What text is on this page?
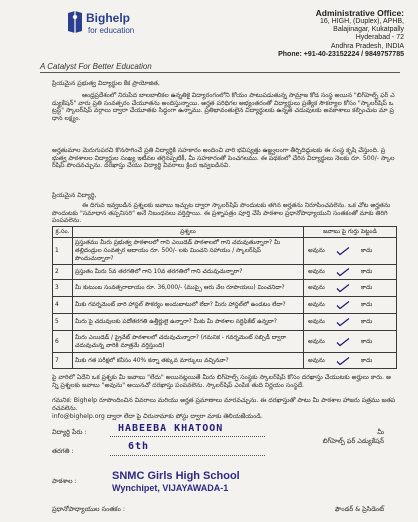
Bighelp
for education
A Catalyst For Better Education
Administrative Office:
16, HIGH, (Duplex), APHB,
Balajinagar, Kukatpally
Hyderabad - 72
Andhra Pradesh, INDIA
Phone: +91-40-23152224 / 9849757785
ప్రియమైన ప్రభుత్వ విద్యార్థుల కేక ప్రాయోజిత,
ఆంధ్రప్రదేశంలో నిరుపేద బాలబాలికల ఉన్నతికై విద్యారంగంలోని కోయం పాటుపడుతున్న సామ్రాజ కోడ సంస్థ అయిన "బిగ్‌హెల్ప్ ఫర్ ఎడ్యుకేషన్" వారు ప్రతి సంవత్సరం చేయూతను అందిస్తున్నాయి. అర్హత పరిధిగల అభ్యంతరంతో విద్యార్థులు ప్రత్యేక సౌకర్యాల కోసం "స్కాలర్‌షిప్ ఒ ట్రస్ట్" స్కాలర్‌షిప్ వర్గాలు ద్వారా చేయూతకు సిద్ధంగా ఉన్నాము. ప్రతిభావంతులైన విద్యార్థులకు ఉన్నత చదువులకు అవకాశాలు కల్పించుట మా ప్రధాన లక్ష్యం.
అర్హతుమాల మెరుగుపరచి కొనసాగించే ప్రతి విద్యార్థికి సహకారం అందించి వారి భవిష్యత్తు ఉజ్జ్వలంగా తీర్చిదిద్దుటకు ఈ సంస్థ కృషి చేస్తుంది. ప్రభుత్వ పాఠశాలల విద్యార్థుల సంఖ్య ఇటీవల తగ్గినప్పటికీ, మీ సహకారంతో పెంచగలము. ఈ పథకంలో చేరిన విద్యార్థులు నెలకు రూ. 500/- స్కాలర్‌షిప్ పొందవచ్చును. దరఖాస్తు చేయు విద్యార్థి వివరాలు క్రింద ఇవ్వబడినవి.
ప్రియమైన విద్యార్థి,
ఈ దిగువ ఇవ్వబడిన ప్రశ్నలకు జవాబు ఇచ్చుట ద్వారా స్కాలర్‌షిప్ పొందుటకు తగిన అర్హతను నిరూపించవలెను. ఒక చోట అర్హతను పొందుటకు "సమాధాన తప్పనిసరి" అనే నిబంధనలు వర్తిస్తాయి. ఈ ప్రశ్నాపత్రం పూర్తి చేసి పాఠశాల ప్రధానోపాధ్యాయుని సంతకంతో మాకు తిరిగి పంపవలెను.
క్ర.సం.	ప్రశ్నలు	జవాబు పై గుర్తు పెట్టండి
1	ప్రస్తుతము మీరు ప్రభుత్వ పాఠశాలలో గాని ఎయిడెడ్ పాఠశాలలో గాని చదువుతున్నారా? మీ తల్లిదండ్రుల సంవత్సర ఆదాయం రూ. 500/- లకు మించని సహాయం / స్కాలర్‌షిప్ పొందుచున్నారా?	అవును కాదు

2	ప్రస్తుతం మీరు 5వ తరగతిలో గాని 10వ తరగతిలో గాని చదువుచున్నారా?	అవును కాదు

3	మీ కుటుంబ సంవత్సరాదాయం రూ. 36,000/- (ముప్పై ఆరు వేల రూపాయలు) మించనిదా?	అవును కాదు

4	మీకు గవర్నమెంట్ వారి హాస్టల్ సౌకర్యం అందుబాటులో లేదా? మీరు హాస్టల్‌లో ఉండటం లేదా?	అవును కాదు

5	మీరు పై చదువులకు పదోతరగతి ఉత్తీర్ణులై ఉన్నారా? మీకు మీ పాఠశాల సర్టిఫికేట్ ఉన్నదా?	అవును కాదు

6	మీరు ఎయిడెడ్ / ప్రైవేట్ పాఠశాలలో చదువుచున్నారా? (గమనిక - గవర్నమెంట్ సబ్సిడీ ద్వారా చదువుచున్న వారికి మాత్రమే వర్తిస్తుంది)	అవును కాదు

7	మీకు గత పరీక్షలో కనీసం 40% కన్నా తక్కువ మార్కులు వచ్చినవా?	అవును కాదు
పై వారిలో ఏదేని ఒక ప్రశ్నకు మీ జవాబు "లేదు" అయినట్లయితే మీరు బిగ్‌హెల్ప్ సంస్థకు స్కాలర్‌షిప్ కోసం దరఖాస్తు చేయుటకు అర్హులు కారు. అన్ని ప్రశ్నలకు జవాబు "అవును" అయినచో దరఖాస్తు పంపవలెను. స్కాలర్‌షిప్ ఎంపిక తుది నిర్ణయం సంస్థదే.
గమనిక: Bighelp రూపొందించిన వివరాలు మరియు అర్హత ప్రమాణాలు మారవచ్చును. ఈ దరఖాస్తుతో పాటు మీ పాఠశాల హాజరు పత్రము జతపరచవలెను.
info@bighelp.org ద్వారా లేదా పై చిరునామాకు పోస్టు ద్వారా మాకు తెలియజేయండి.
విద్యార్థి పేరు :	HABEEBA KHATOON	మీ
బిగ్‌హెల్ప్ ఫర్ ఎడ్యుకేషన్
తరగతి :	6th
పాఠశాల :	SNMC Girls High School
Wynchipet, VIJAYAWADA-1
ప్రధానోపాధ్యాయుల సంతకం :	ఫౌండర్ & ప్రెసిడెంట్
